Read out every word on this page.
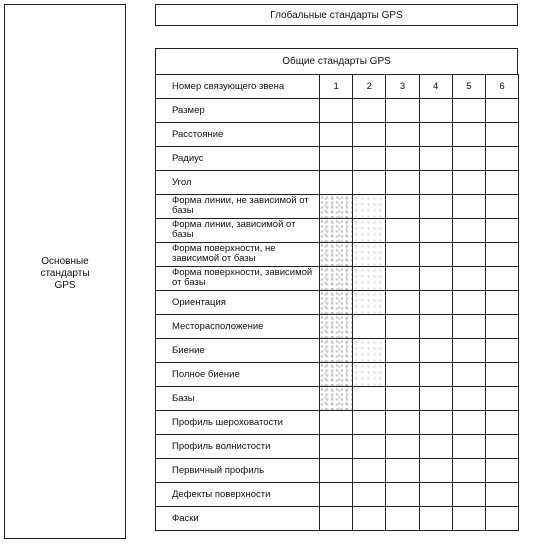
Основные
стандарты
GPS
Глобальные стандарты GPS
Общие стандарты GPS
Номер связующего звена	1	2	3	4	5	6
Размер						
Расстояние						
Радиус						
Угол						
Форма линии, не зависимой от базы						
Форма линии, зависимой от базы						
Форма поверхности, не зависимой от базы						
Форма поверхности, зависимой от базы						
Ориентация						
Месторасположение						
Биение						
Полное биение						
Базы						
Профиль шероховатости						
Профиль волнистости						
Первичный профиль						
Дефекты поверхности						
Фаски						
